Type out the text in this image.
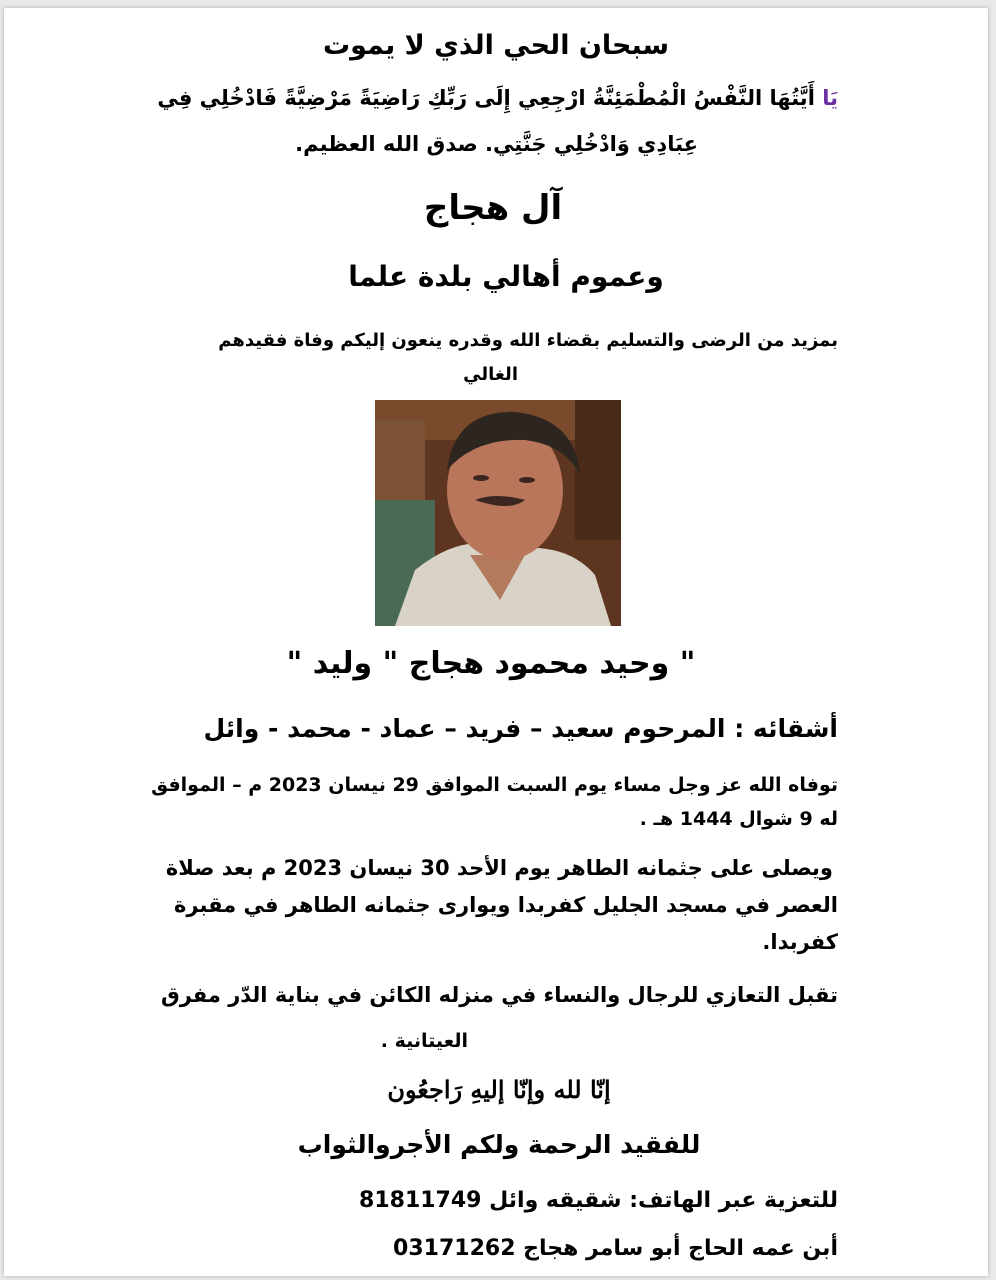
سبحان الحي الذي لا يموت
يَا أَيَّتُهَا النَّفْسُ الْمُطْمَئِنَّةُ ارْجِعِي إِلَى رَبِّكِ رَاضِيَةً مَرْضِيَّةً فَادْخُلِي فِي
عِبَادِي وَادْخُلِي جَنَّتِي. صدق الله العظيم.
آل هجاج
وعموم أهالي بلدة علما
بمزيد من الرضى والتسليم بقضاء الله وقدره ينعون إليكم وفاة فقيدهم
الغالي
" وحيد محمود هجاج " وليد "
أشقائه : المرحوم سعيد – فريد – عماد - محمد - وائل
توفاه الله عز وجل مساء يوم السبت الموافق 29 نيسان 2023 م – الموافق
له 9 شوال 1444 هـ .
ويصلى على جثمانه الطاهر يوم الأحد 30 نيسان 2023 م بعد صلاة
العصر في مسجد الجليل كفربدا ويوارى جثمانه الطاهر في مقبرة
كفربدا.
تقبل التعازي للرجال والنساء في منزله الكائن في بناية الدّر مفرق
العيتانية .
إنّا لله وإنّا إليهِ رَاجعُون
للفقيد الرحمة ولكم الأجروالثواب
للتعزية عبر الهاتف: شقيقه وائل 81811749
أبن عمه الحاج أبو سامر هجاج 03171262
